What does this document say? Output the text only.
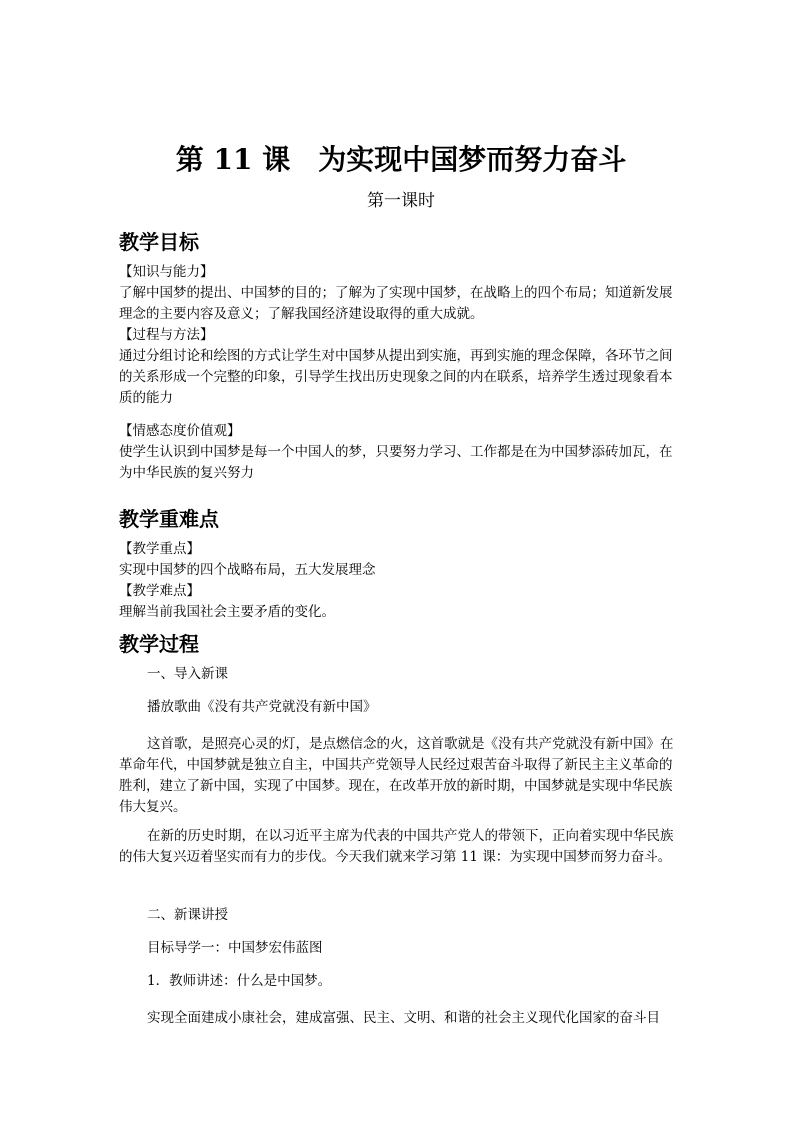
第 11 课　为实现中国梦而努力奋斗
第一课时
教学目标
【知识与能力】
了解中国梦的提出、中国梦的目的；了解为了实现中国梦，在战略上的四个布局；知道新发展理念的主要内容及意义；了解我国经济建设取得的重大成就。
【过程与方法】
通过分组讨论和绘图的方式让学生对中国梦从提出到实施，再到实施的理念保障，各环节之间的关系形成一个完整的印象，引导学生找出历史现象之间的内在联系，培养学生透过现象看本质的能力
【情感态度价值观】
使学生认识到中国梦是每一个中国人的梦，只要努力学习、工作都是在为中国梦添砖加瓦，在为中华民族的复兴努力
教学重难点
【教学重点】
实现中国梦的四个战略布局，五大发展理念
【教学难点】
理解当前我国社会主要矛盾的变化。
教学过程
一、导入新课
播放歌曲《没有共产党就没有新中国》
这首歌，是照亮心灵的灯，是点燃信念的火，这首歌就是《没有共产党就没有新中国》在革命年代，中国梦就是独立自主，中国共产党领导人民经过艰苦奋斗取得了新民主主义革命的胜利，建立了新中国，实现了中国梦。现在，在改革开放的新时期，中国梦就是实现中华民族伟大复兴。
在新的历史时期，在以习近平主席为代表的中国共产党人的带领下，正向着实现中华民族的伟大复兴迈着坚实而有力的步伐。今天我们就来学习第 11 课：为实现中国梦而努力奋斗。
二、新课讲授
目标导学一：中国梦宏伟蓝图
1．教师讲述：什么是中国梦。
实现全面建成小康社会，建成富强、民主、文明、和谐的社会主义现代化国家的奋斗目
